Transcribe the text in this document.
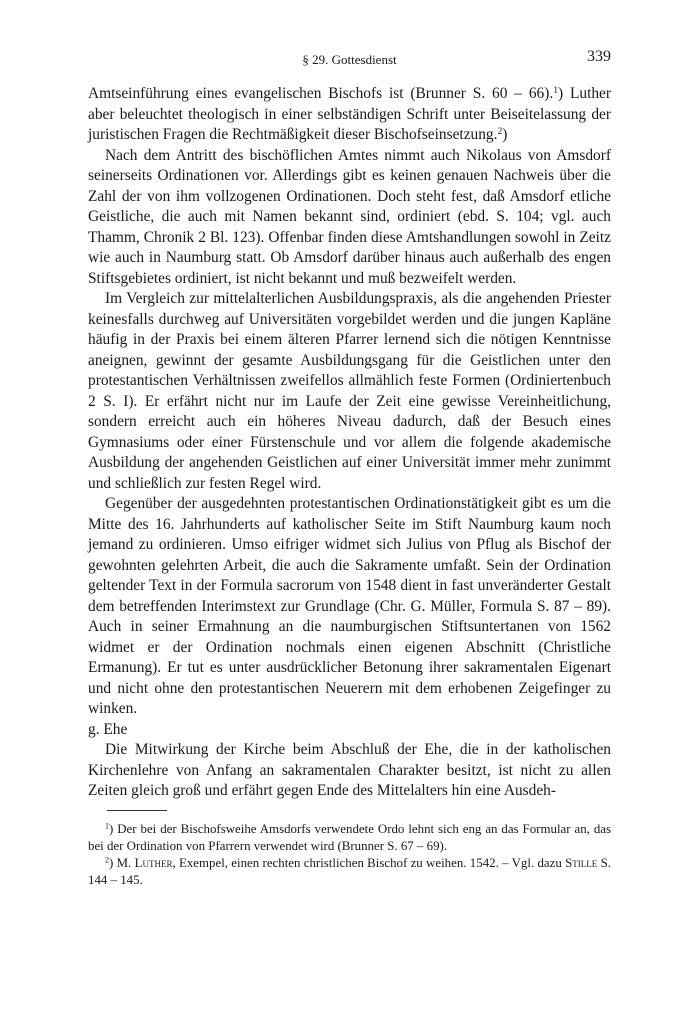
§ 29. Gottesdienst	339

Amtseinführung eines evangelischen Bischofs ist (Brunner S. 60 – 66).$^1$) Luther aber beleuchtet theologisch in einer selbständigen Schrift unter Beiseitelassung der juristischen Fragen die Rechtmäßigkeit dieser Bischofseinsetzung.$^2$)

Nach dem Antritt des bischöflichen Amtes nimmt auch Nikolaus von Amsdorf seinerseits Ordinationen vor. Allerdings gibt es keinen genauen Nachweis über die Zahl der von ihm vollzogenen Ordinationen. Doch steht fest, daß Amsdorf etliche Geistliche, die auch mit Namen bekannt sind, ordiniert (ebd. S. 104; vgl. auch Thamm, Chronik 2 Bl. 123). Offenbar finden diese Amtshandlungen sowohl in Zeitz wie auch in Naumburg statt. Ob Amsdorf darüber hinaus auch außerhalb des engen Stiftsgebietes ordiniert, ist nicht bekannt und muß bezweifelt werden.

Im Vergleich zur mittelalterlichen Ausbildungspraxis, als die angehenden Priester keinesfalls durchweg auf Universitäten vorgebildet werden und die jungen Kapläne häufig in der Praxis bei einem älteren Pfarrer lernend sich die nötigen Kenntnisse aneignen, gewinnt der gesamte Ausbildungsgang für die Geistlichen unter den protestantischen Verhältnissen zweifellos allmählich feste Formen (Ordiniertenbuch 2 S. I). Er erfährt nicht nur im Laufe der Zeit eine gewisse Vereinheitlichung, sondern erreicht auch ein höheres Niveau dadurch, daß der Besuch eines Gymnasiums oder einer Fürstenschule und vor allem die folgende akademische Ausbildung der angehenden Geistlichen auf einer Universität immer mehr zunimmt und schließlich zur festen Regel wird.

Gegenüber der ausgedehnten protestantischen Ordinationstätigkeit gibt es um die Mitte des 16. Jahrhunderts auf katholischer Seite im Stift Naumburg kaum noch jemand zu ordinieren. Umso eifriger widmet sich Julius von Pflug als Bischof der gewohnten gelehrten Arbeit, die auch die Sakramente umfaßt. Sein der Ordination geltender Text in der Formula sacrorum von 1548 dient in fast unveränderter Gestalt dem betreffenden Interimstext zur Grundlage (Chr. G. Müller, Formula S. 87 – 89). Auch in seiner Ermahnung an die naumburgischen Stiftsuntertanen von 1562 widmet er der Ordination nochmals einen eigenen Abschnitt (Christliche Ermanung). Er tut es unter ausdrücklicher Betonung ihrer sakramentalen Eigenart und nicht ohne den protestantischen Neuerern mit dem erhobenen Zeigefinger zu winken.

g. Ehe

Die Mitwirkung der Kirche beim Abschluß der Ehe, die in der katholischen Kirchenlehre von Anfang an sakramentalen Charakter besitzt, ist nicht zu allen Zeiten gleich groß und erfährt gegen Ende des Mittelalters hin eine Ausdeh-

$^1$) Der bei der Bischofsweihe Amsdorfs verwendete Ordo lehnt sich eng an das Formular an, das bei der Ordination von Pfarrern verwendet wird (Brunner S. 67 – 69).

$^2$) M. Luther, Exempel, einen rechten christlichen Bischof zu weihen. 1542. – Vgl. dazu Stille S. 144 – 145.
